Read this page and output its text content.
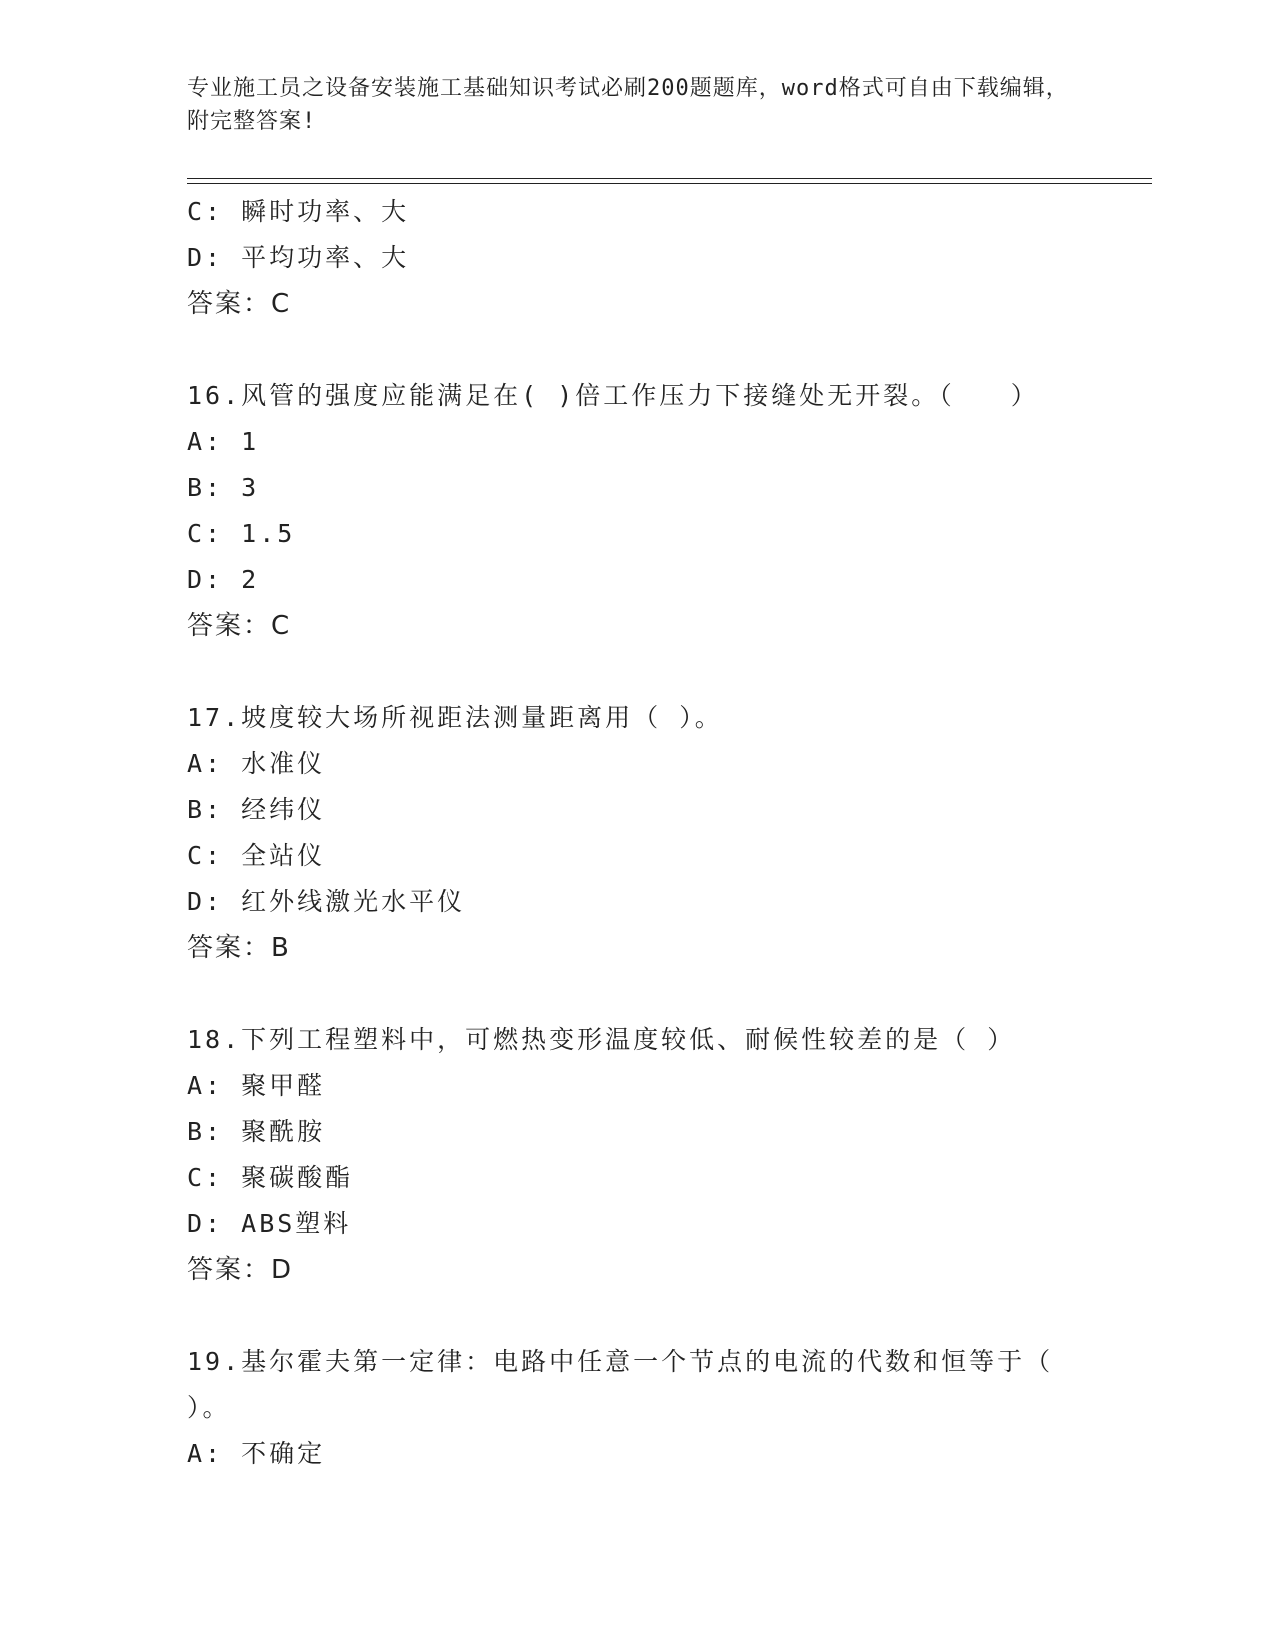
专业施工员之设备安装施工基础知识考试必刷200题题库，word格式可自由下载编辑，附完整答案!
C: 瞬时功率、大
D: 平均功率、大
答案：C
16.风管的强度应能满足在( )倍工作压力下接缝处无开裂。（　　）
A: 1
B: 3
C: 1.5
D: 2
答案：C
17.坡度较大场所视距法测量距离用（ ）。
A: 水准仪
B: 经纬仪
C: 全站仪
D: 红外线激光水平仪
答案：B
18.下列工程塑料中，可燃热变形温度较低、耐候性较差的是（ ）
A: 聚甲醛
B: 聚酰胺
C: 聚碳酸酯
D: ABS塑料
答案：D
19.基尔霍夫第一定律：电路中任意一个节点的电流的代数和恒等于（ ）。
A: 不确定
